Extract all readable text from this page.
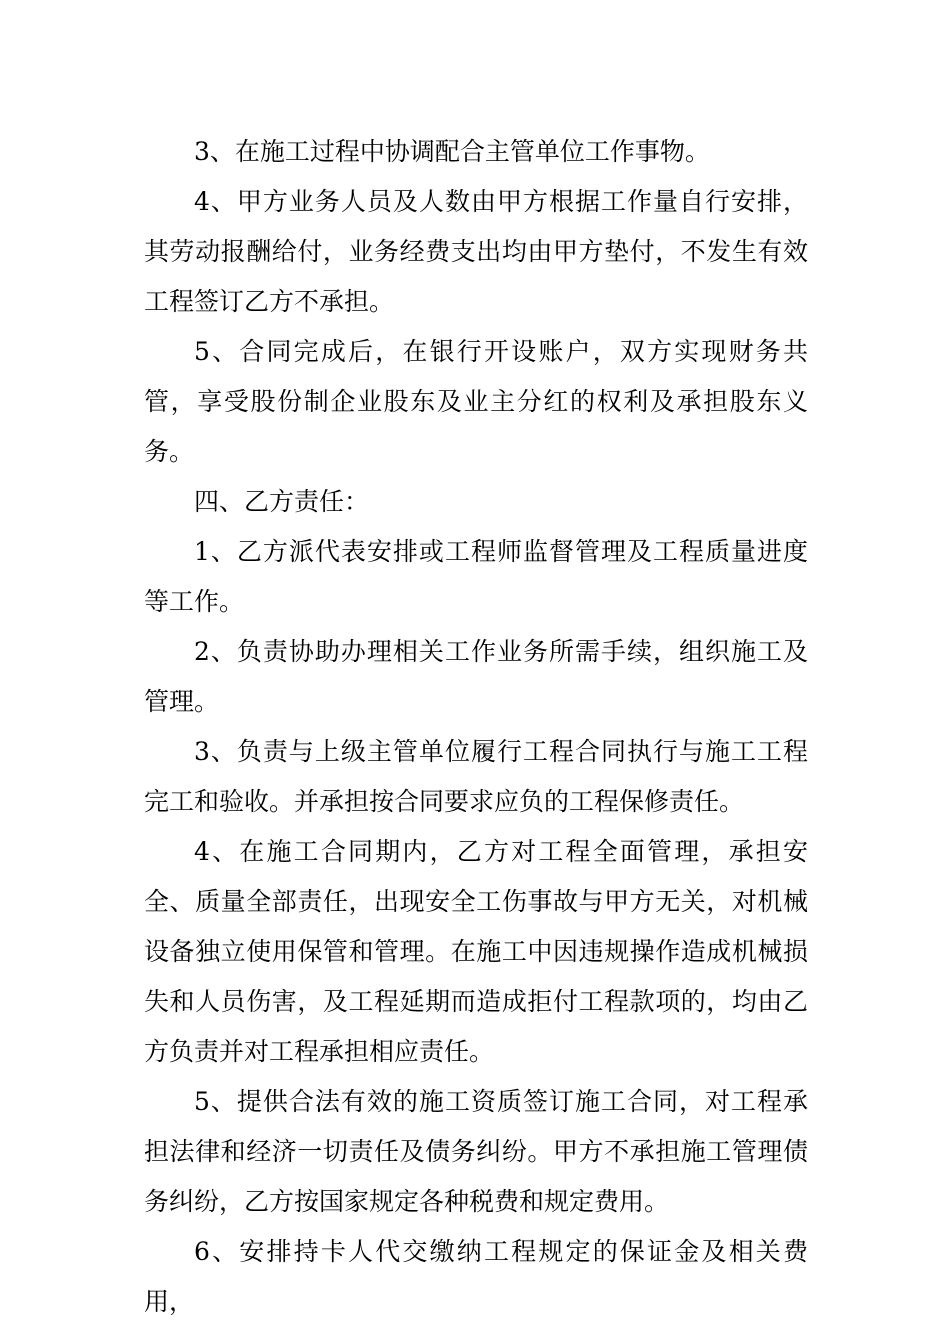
3、在施工过程中协调配合主管单位工作事物。

4、甲方业务人员及人数由甲方根据工作量自行安排，其劳动报酬给付，业务经费支出均由甲方垫付，不发生有效工程签订乙方不承担。

5、合同完成后，在银行开设账户，双方实现财务共管，享受股份制企业股东及业主分红的权利及承担股东义务。

四、乙方责任：

1、乙方派代表安排或工程师监督管理及工程质量进度等工作。

2、负责协助办理相关工作业务所需手续，组织施工及管理。

3、负责与上级主管单位履行工程合同执行与施工工程完工和验收。并承担按合同要求应负的工程保修责任。

4、在施工合同期内，乙方对工程全面管理，承担安全、质量全部责任，出现安全工伤事故与甲方无关，对机械设备独立使用保管和管理。在施工中因违规操作造成机械损失和人员伤害，及工程延期而造成拒付工程款项的，均由乙方负责并对工程承担相应责任。

5、提供合法有效的施工资质签订施工合同，对工程承担法律和经济一切责任及债务纠纷。甲方不承担施工管理债务纠纷，乙方按国家规定各种税费和规定费用。

6、安排持卡人代交缴纳工程规定的保证金及相关费用，
